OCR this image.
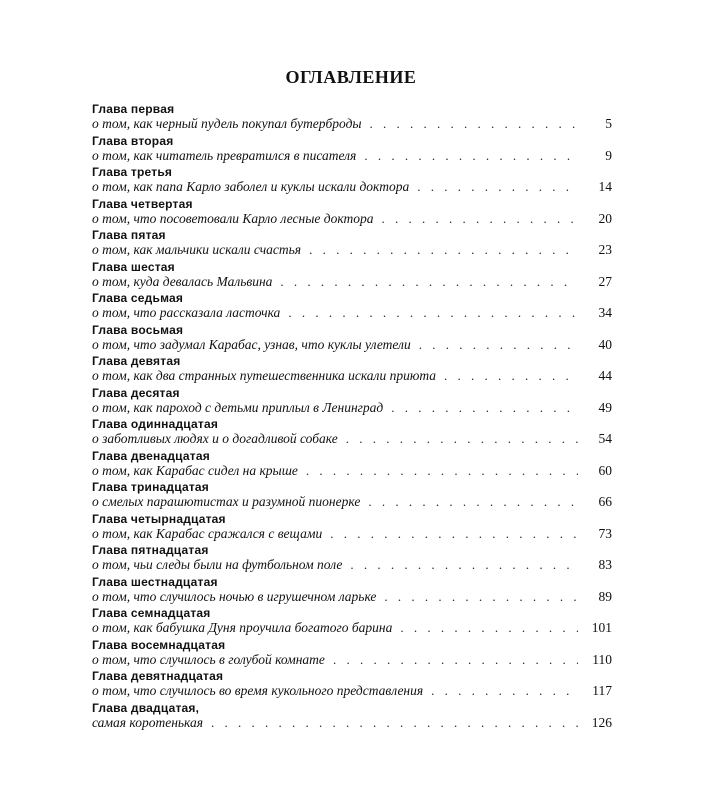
ОГЛАВЛЕНИЕ
Глава первая
о том, как черный пудель покупал бутерброды . . .	5
Глава вторая
о том, как читатель превратился в писателя . . .	9
Глава третья
о том, как папа Карло заболел и куклы искали доктора . . .	14
Глава четвертая
о том, что посоветовали Карло лесные доктора . . .	20
Глава пятая
о том, как мальчики искали счастья . . .	23
Глава шестая
о том, куда девалась Мальвина . . .	27
Глава седьмая
о том, что рассказала ласточка . . .	34
Глава восьмая
о том, что задумал Карабас, узнав, что куклы улетели . . .	40
Глава девятая
о том, как два странных путешественника искали приюта . . .	44
Глава десятая
о том, как пароход с детьми приплыл в Ленинград . . .	49
Глава одиннадцатая
о заботливых людях и о догадливой собаке . . .	54
Глава двенадцатая
о том, как Карабас сидел на крыше . . .	60
Глава тринадцатая
о смелых парашютистах и разумной пионерке . . .	66
Глава четырнадцатая
о том, как Карабас сражался с вещами . . .	73
Глава пятнадцатая
о том, чьи следы были на футбольном поле . . .	83
Глава шестнадцатая
о том, что случилось ночью в игрушечном ларьке . . .	89
Глава семнадцатая
о том, как бабушка Дуня проучила богатого барина . . .	101
Глава восемнадцатая
о том, что случилось в голубой комнате . . .	110
Глава девятнадцатая
о том, что случилось во время кукольного представления . . .	117
Глава двадцатая,
самая коротенькая . . .	126
